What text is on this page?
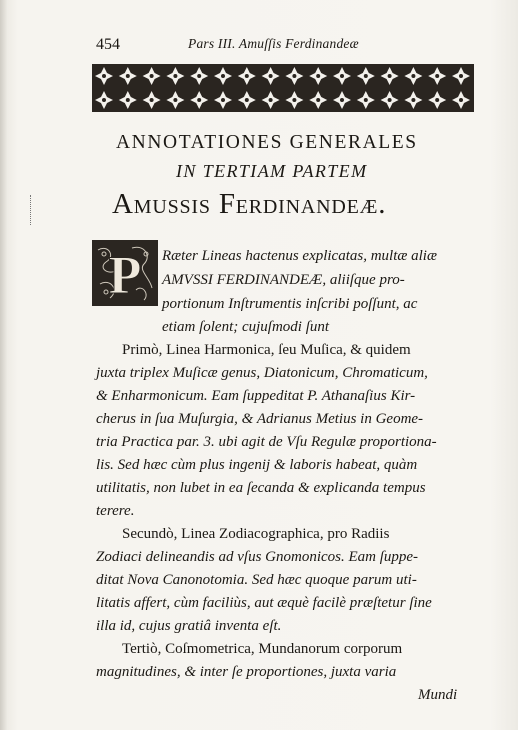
454	Pars III. Amuſſis Ferdinandeæ
ANNOTATIONES GENERALES
IN TERTIAM PARTEM
Amussis Ferdinandeæ.
P Rӕter Lineas hactenus explicatas, multæ aliæ
AMVSSI FERDINANDEÆ, aliiſque pro-
portionum Inſtrumentis inſcribi poſſunt, ac
etiam ſolent; cujuſmodi ſunt
Primò, Linea Harmonica, ſeu Muſica, & quidem
juxta triplex Muſicæ genus, Diatonicum, Chromaticum,
& Enharmonicum. Eam ſuppeditat P. Athanaſius Kir-
cherus in ſua Muſurgia, & Adrianus Metius in Geome-
tria Practica par. 3. ubi agit de Vſu Regulæ proportiona-
lis. Sed hæc cùm plus ingenij & laboris habeat, quàm
utilitatis, non lubet in ea ſecanda & explicanda tempus
terere.
Secundò, Linea Zodiacographica, pro Radiis
Zodiaci delineandis ad vſus Gnomonicos. Eam ſuppe-
ditat Nova Canonotomia. Sed hæc quoque parum uti-
litatis affert, cùm faciliùs, aut æquè facilè præſtetur ſine
illa id, cujus gratiâ inventa eſt.
Tertiò, Coſmometrica, Mundanorum corporum
magnitudines, & inter ſe proportiones, juxta varia
Mundi
